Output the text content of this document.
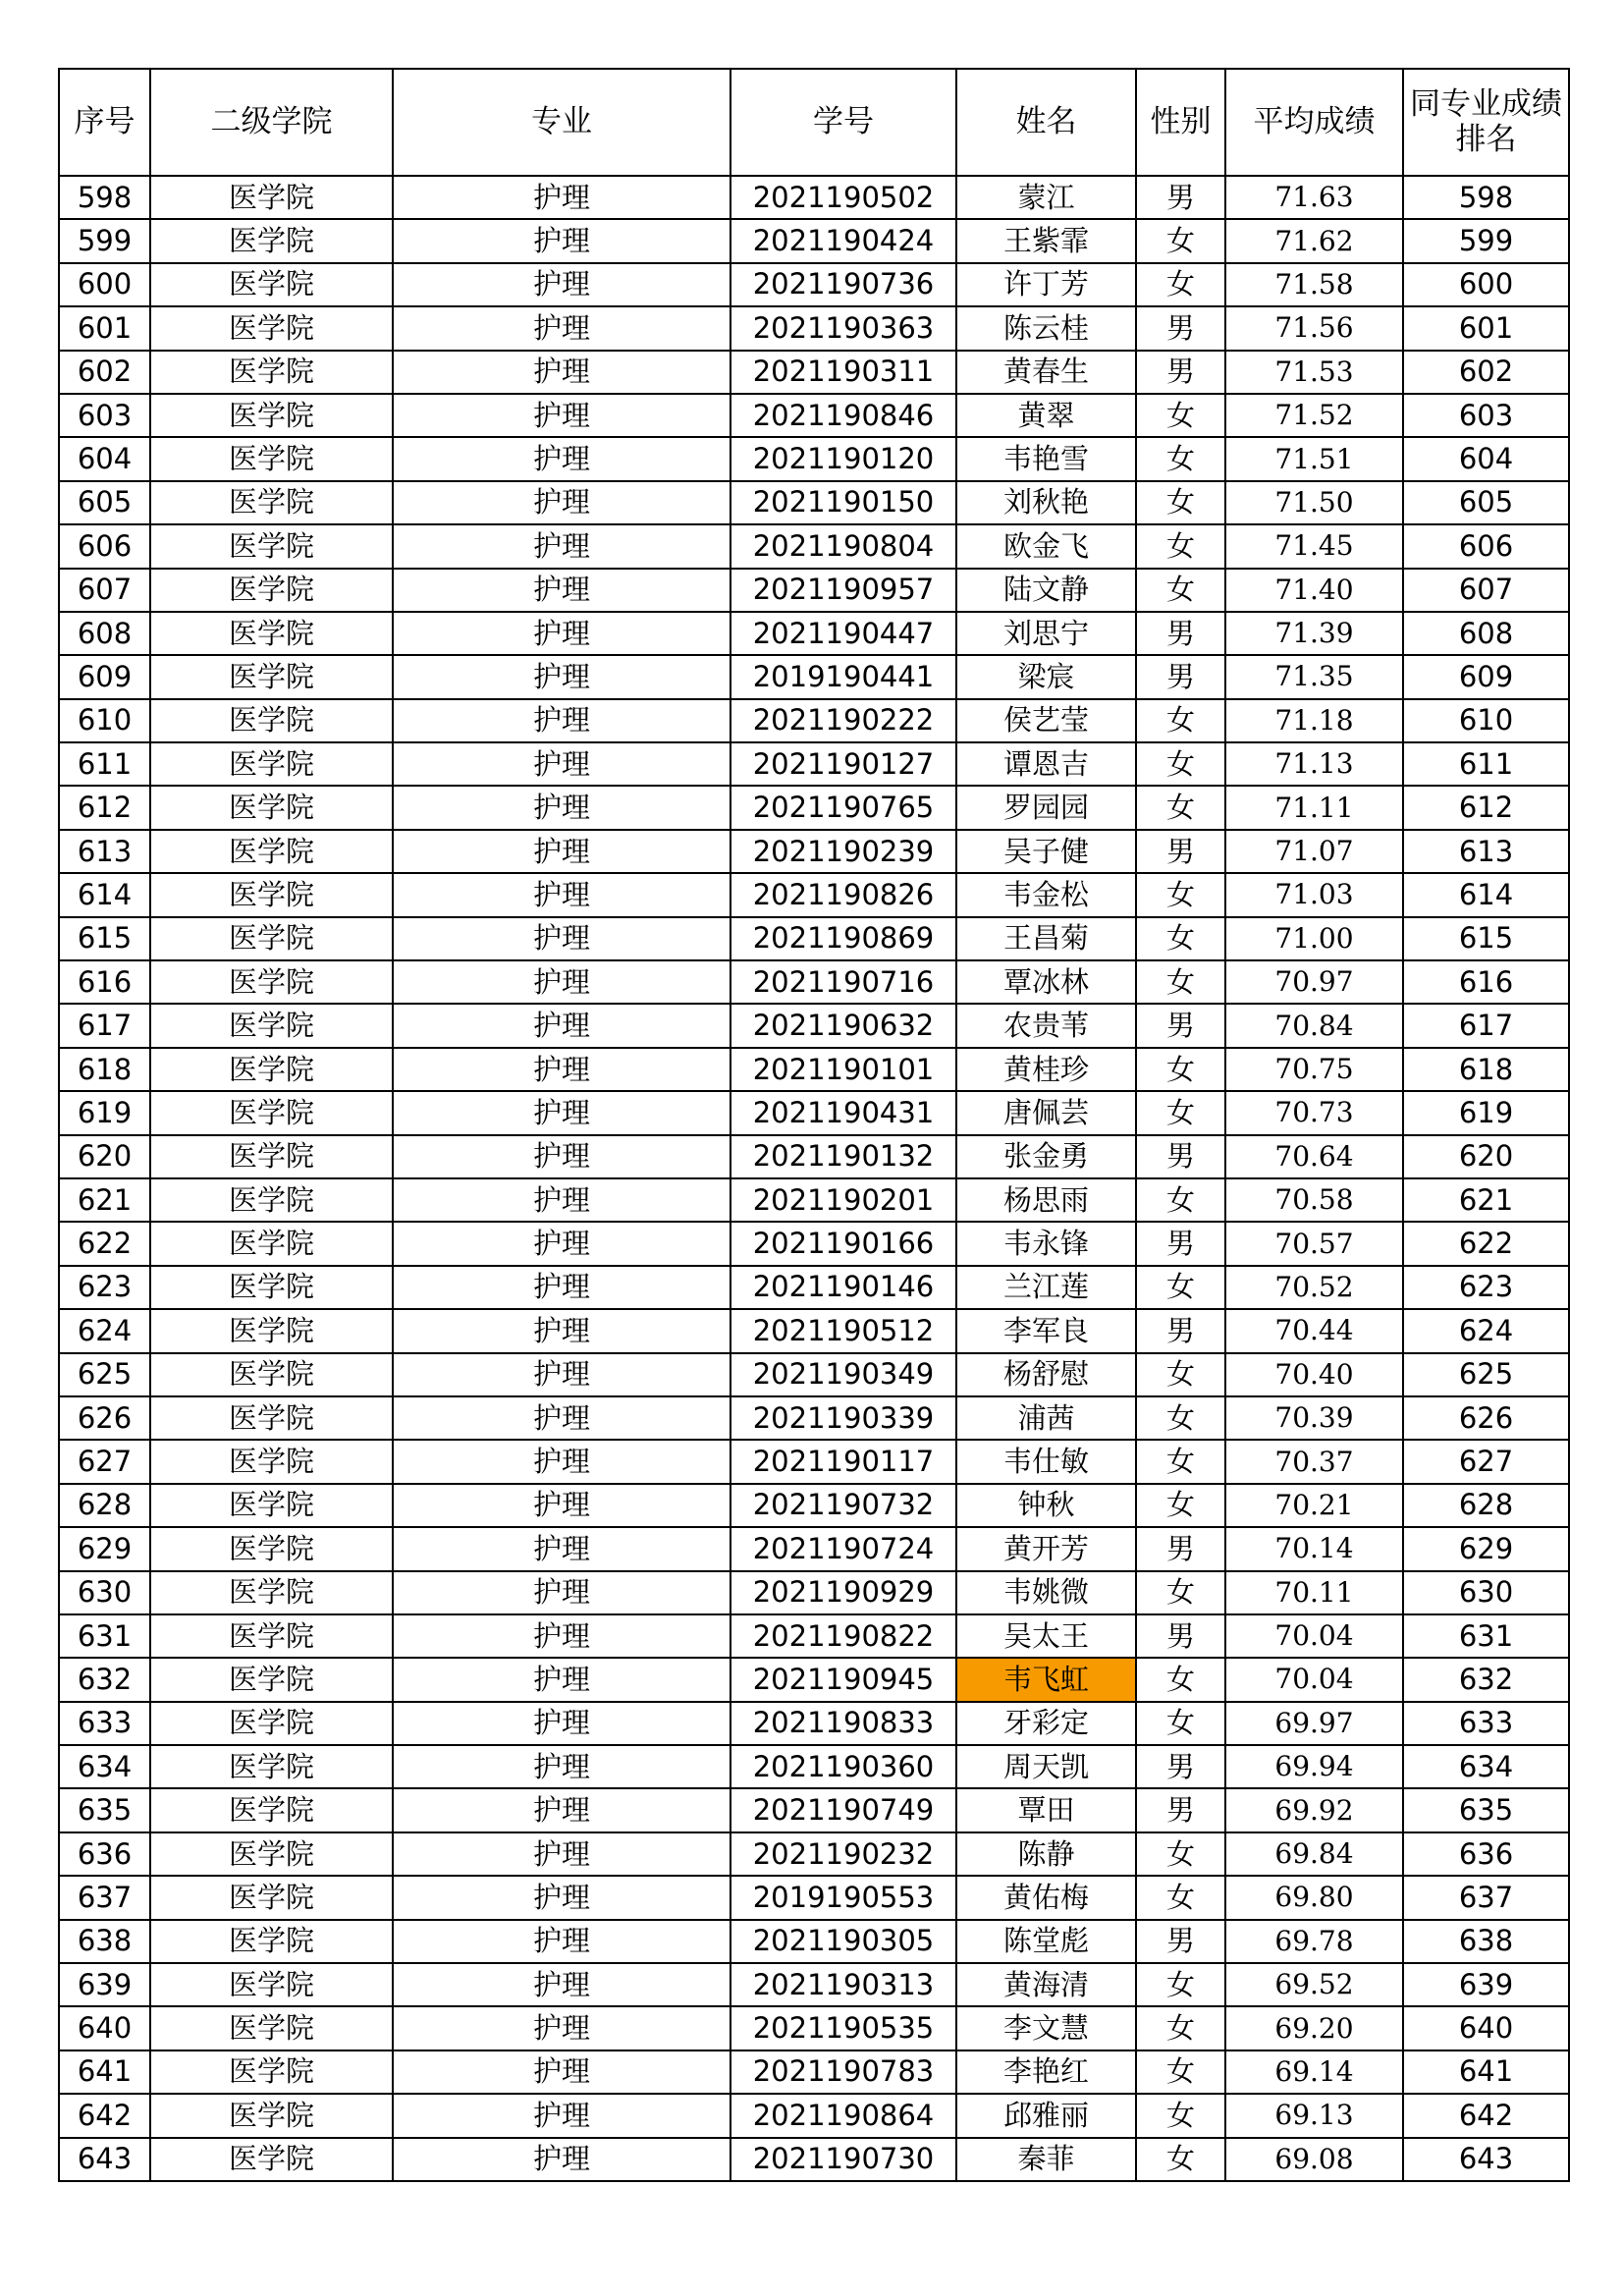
序号	二级学院	专业	学号	姓名	性别	平均成绩	同专业成绩排名
598	医学院	护理	2021190502	蒙江	男	71.63	598
599	医学院	护理	2021190424	王紫霏	女	71.62	599
600	医学院	护理	2021190736	许丁芳	女	71.58	600
601	医学院	护理	2021190363	陈云桂	男	71.56	601
602	医学院	护理	2021190311	黄春生	男	71.53	602
603	医学院	护理	2021190846	黄翠	女	71.52	603
604	医学院	护理	2021190120	韦艳雪	女	71.51	604
605	医学院	护理	2021190150	刘秋艳	女	71.50	605
606	医学院	护理	2021190804	欧金飞	女	71.45	606
607	医学院	护理	2021190957	陆文静	女	71.40	607
608	医学院	护理	2021190447	刘思宁	男	71.39	608
609	医学院	护理	2019190441	梁宸	男	71.35	609
610	医学院	护理	2021190222	侯艺莹	女	71.18	610
611	医学院	护理	2021190127	谭恩吉	女	71.13	611
612	医学院	护理	2021190765	罗园园	女	71.11	612
613	医学院	护理	2021190239	吴子健	男	71.07	613
614	医学院	护理	2021190826	韦金松	女	71.03	614
615	医学院	护理	2021190869	王昌菊	女	71.00	615
616	医学院	护理	2021190716	覃冰林	女	70.97	616
617	医学院	护理	2021190632	农贵苇	男	70.84	617
618	医学院	护理	2021190101	黄桂珍	女	70.75	618
619	医学院	护理	2021190431	唐佩芸	女	70.73	619
620	医学院	护理	2021190132	张金勇	男	70.64	620
621	医学院	护理	2021190201	杨思雨	女	70.58	621
622	医学院	护理	2021190166	韦永锋	男	70.57	622
623	医学院	护理	2021190146	兰江莲	女	70.52	623
624	医学院	护理	2021190512	李军良	男	70.44	624
625	医学院	护理	2021190349	杨舒慰	女	70.40	625
626	医学院	护理	2021190339	浦茜	女	70.39	626
627	医学院	护理	2021190117	韦仕敏	女	70.37	627
628	医学院	护理	2021190732	钟秋	女	70.21	628
629	医学院	护理	2021190724	黄开芳	男	70.14	629
630	医学院	护理	2021190929	韦姚微	女	70.11	630
631	医学院	护理	2021190822	吴太王	男	70.04	631
632	医学院	护理	2021190945	韦飞虹	女	70.04	632
633	医学院	护理	2021190833	牙彩定	女	69.97	633
634	医学院	护理	2021190360	周天凯	男	69.94	634
635	医学院	护理	2021190749	覃田	男	69.92	635
636	医学院	护理	2021190232	陈静	女	69.84	636
637	医学院	护理	2019190553	黄佑梅	女	69.80	637
638	医学院	护理	2021190305	陈堂彪	男	69.78	638
639	医学院	护理	2021190313	黄海清	女	69.52	639
640	医学院	护理	2021190535	李文慧	女	69.20	640
641	医学院	护理	2021190783	李艳红	女	69.14	641
642	医学院	护理	2021190864	邱雅丽	女	69.13	642
643	医学院	护理	2021190730	秦菲	女	69.08	643
